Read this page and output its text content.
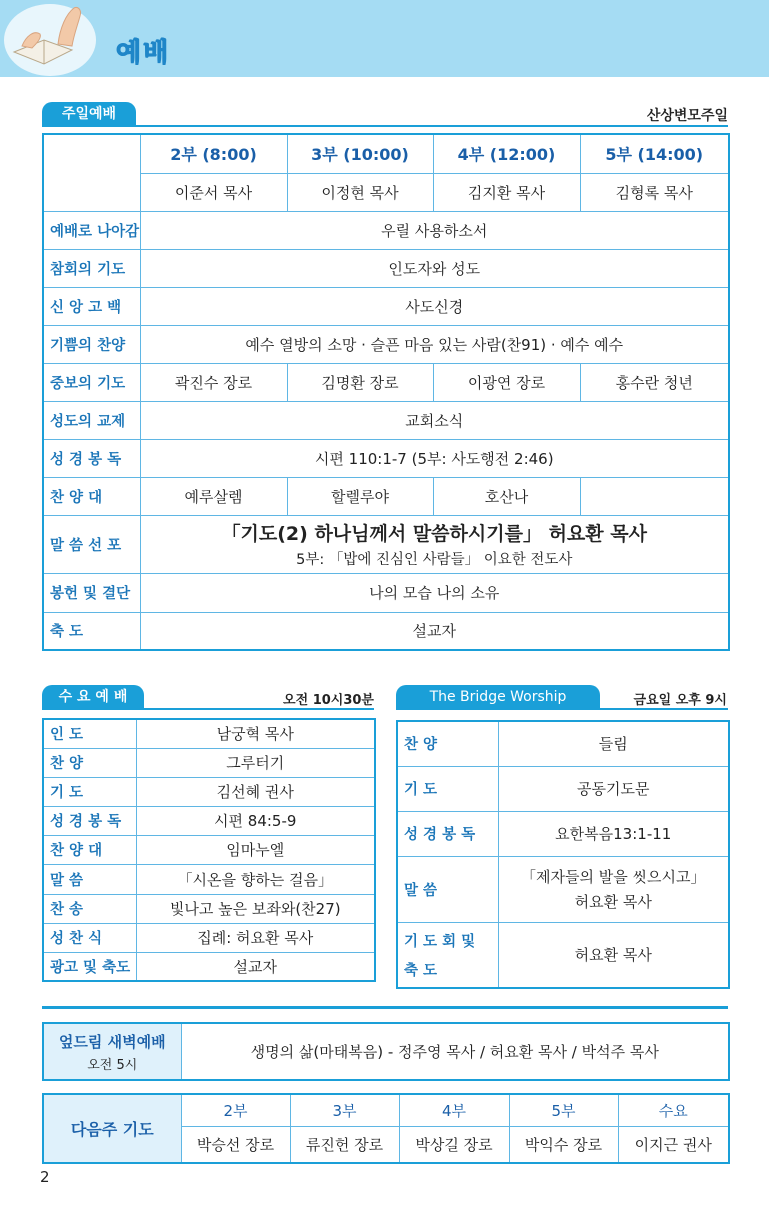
예배
주일예배	산상변모주일
	2부 (8:00)	3부 (10:00)	4부 (12:00)	5부 (14:00)
	이준서 목사	이정현 목사	김지환 목사	김형록 목사
예배로 나아감	우릴 사용하소서			
참회의 기도	인도자와 성도			
신 앙 고 백	사도신경			
기쁨의 찬양	예수 열방의 소망 · 슬픈 마음 있는 사람(찬91) · 예수 예수			
중보의 기도	곽진수 장로	김명환 장로	이광연 장로	홍수란 청년
성도의 교제	교회소식			
성 경 봉 독	시편 110:1-7 (5부: 사도행전 2:46)			
찬 양 대	예루살렘	할렐루야	호산나	
말 씀 선 포	「기도(2) 하나님께서 말씀하시기를」 허요환 목사
5부: 「밥에 진심인 사람들」 이요한 전도사			

봉헌 및 결단	나의 모습 나의 소유			
축 도	설교자			
수 요 예 배	오전 10시30분
인 도	남궁혁 목사
찬 양	그루터기
기 도	김선혜 권사
성 경 봉 독	시편 84:5-9
찬 양 대	임마누엘
말 씀	「시온을 향하는 걸음」
찬 송	빛나고 높은 보좌와(찬27)
성 찬 식	집례: 허요환 목사
광고 및 축도	설교자
The Bridge Worship	금요일 오후 9시
찬 양	들림
기 도	공동기도문
성 경 봉 독	요한복음13:1-11
말 씀	「제자들의 발을 씻으시고」
허요환 목사

기 도 회 및
축 도	허요환 목사
엎드림 새벽예배
오전 5시
	생명의 삶(마태복음) - 정주영 목사 / 허요환 목사 / 박석주 목사
다음주 기도	2부	3부	4부	5부	수요
	박승선 장로	류진헌 장로	박상길 장로	박익수 장로	이지근 권사
2
